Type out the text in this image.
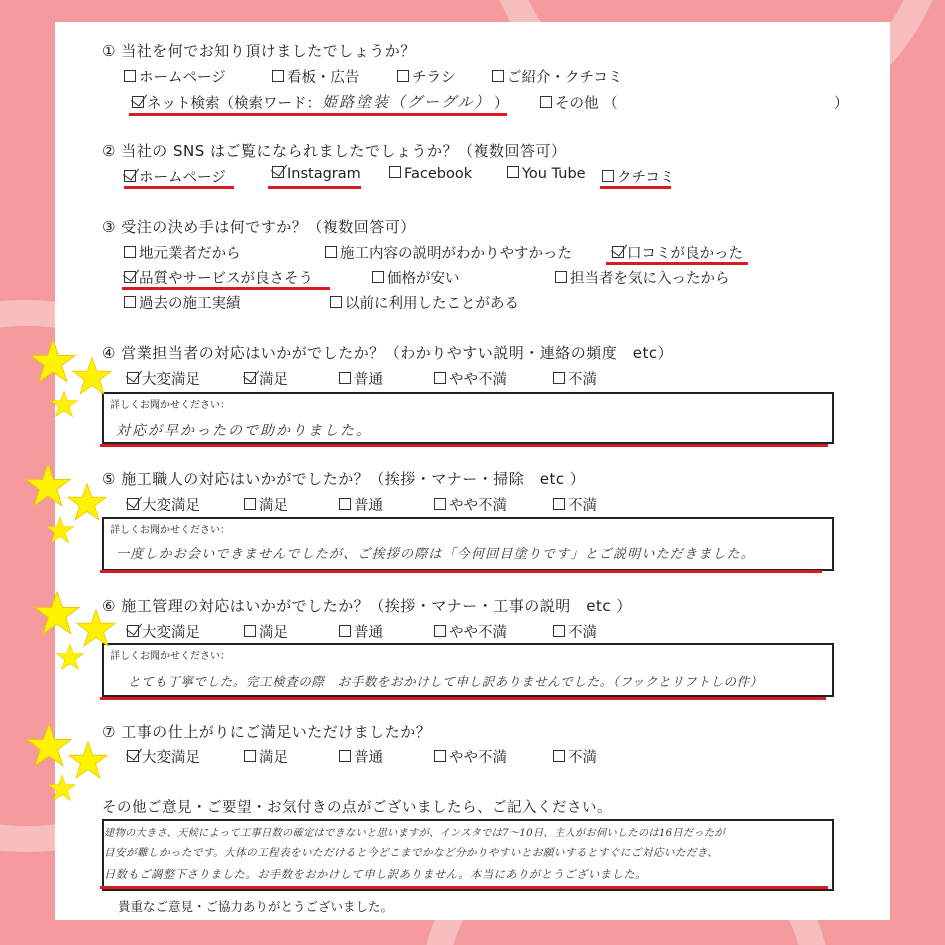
① 当社を何でお知り頂けましたでしょうか？
ホームページ	看板・広告	チラシ	ご紹介・クチコミ
ネット検索（検索ワード： 姫路塗装（グーグル） ）	その他 （	）
② 当社の SNS はご覧になられましたでしょうか？（複数回答可）
ホームページ	Instagram	Facebook	You Tube	クチコミ
③ 受注の決め手は何ですか？（複数回答可）
地元業者だから	施工内容の説明がわかりやすかった	口コミが良かった
品質やサービスが良さそう	価格が安い	担当者を気に入ったから
過去の施工実績	以前に利用したことがある
④ 営業担当者の対応はいかがでしたか？（わかりやすい説明・連絡の頻度　etc）
大変満足	満足	普通	やや不満	不満
詳しくお聞かせください：
対応が早かったので助かりました。
⑤ 施工職人の対応はいかがでしたか？（挨拶・マナー・掃除　etc ）
大変満足	満足	普通	やや不満	不満
詳しくお聞かせください：
一度しかお会いできませんでしたが、ご挨拶の際は「今何回目塗りです」とご説明いただきました。
⑥ 施工管理の対応はいかがでしたか？（挨拶・マナー・工事の説明　etc ）
大変満足	満足	普通	やや不満	不満
詳しくお聞かせください：
とても丁寧でした。完工検査の際　お手数をおかけして申し訳ありませんでした。（フックとリフトしの件）
⑦ 工事の仕上がりにご満足いただけましたか？
大変満足	満足	普通	やや不満	不満
その他ご意見・ご要望・お気付きの点がございましたら、ご記入ください。
建物の大きさ、天候によって工事日数の確定はできないと思いますが、インスタでは7〜10日、主人がお伺いしたのは16日だったが
目安が難しかったです。大体の工程表をいただけると今どこまでかなど分かりやすいとお願いするとすぐにご対応いただき、
日数もご調整下さりました。お手数をおかけして申し訳ありません。本当にありがとうございました。
貴重なご意見・ご協力ありがとうございました。
